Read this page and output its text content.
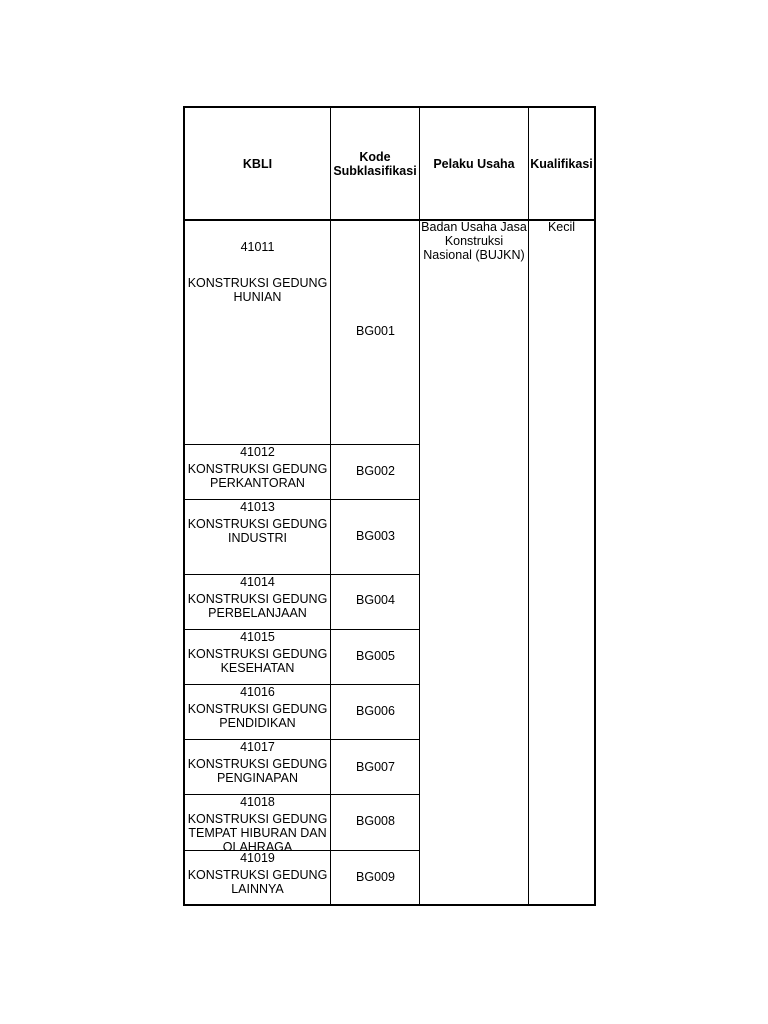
KBLI	Kode
Subklasifikasi Pelaku Usaha Kualifikasi
Badan Usaha Jasa Konstruksi Nasional (BUJKN)
Kecil
41011
KONSTRUKSI GEDUNG
HUNIAN
BG001
41012
KONSTRUKSI GEDUNG
PERKANTORAN
BG002
41013
KONSTRUKSI GEDUNG
INDUSTRI	BG003
41014
KONSTRUKSI GEDUNG
PERBELANJAAN
BG004
41015
KONSTRUKSI GEDUNG
KESEHATAN
BG005
41016
KONSTRUKSI GEDUNG
PENDIDIKAN
BG006
41017
KONSTRUKSI GEDUNG
PENGINAPAN
BG007
41018
KONSTRUKSI GEDUNG
TEMPAT HIBURAN DAN
OLAHRAGA
BG008
41019
KONSTRUKSI GEDUNG
LAINNYA
BG009
